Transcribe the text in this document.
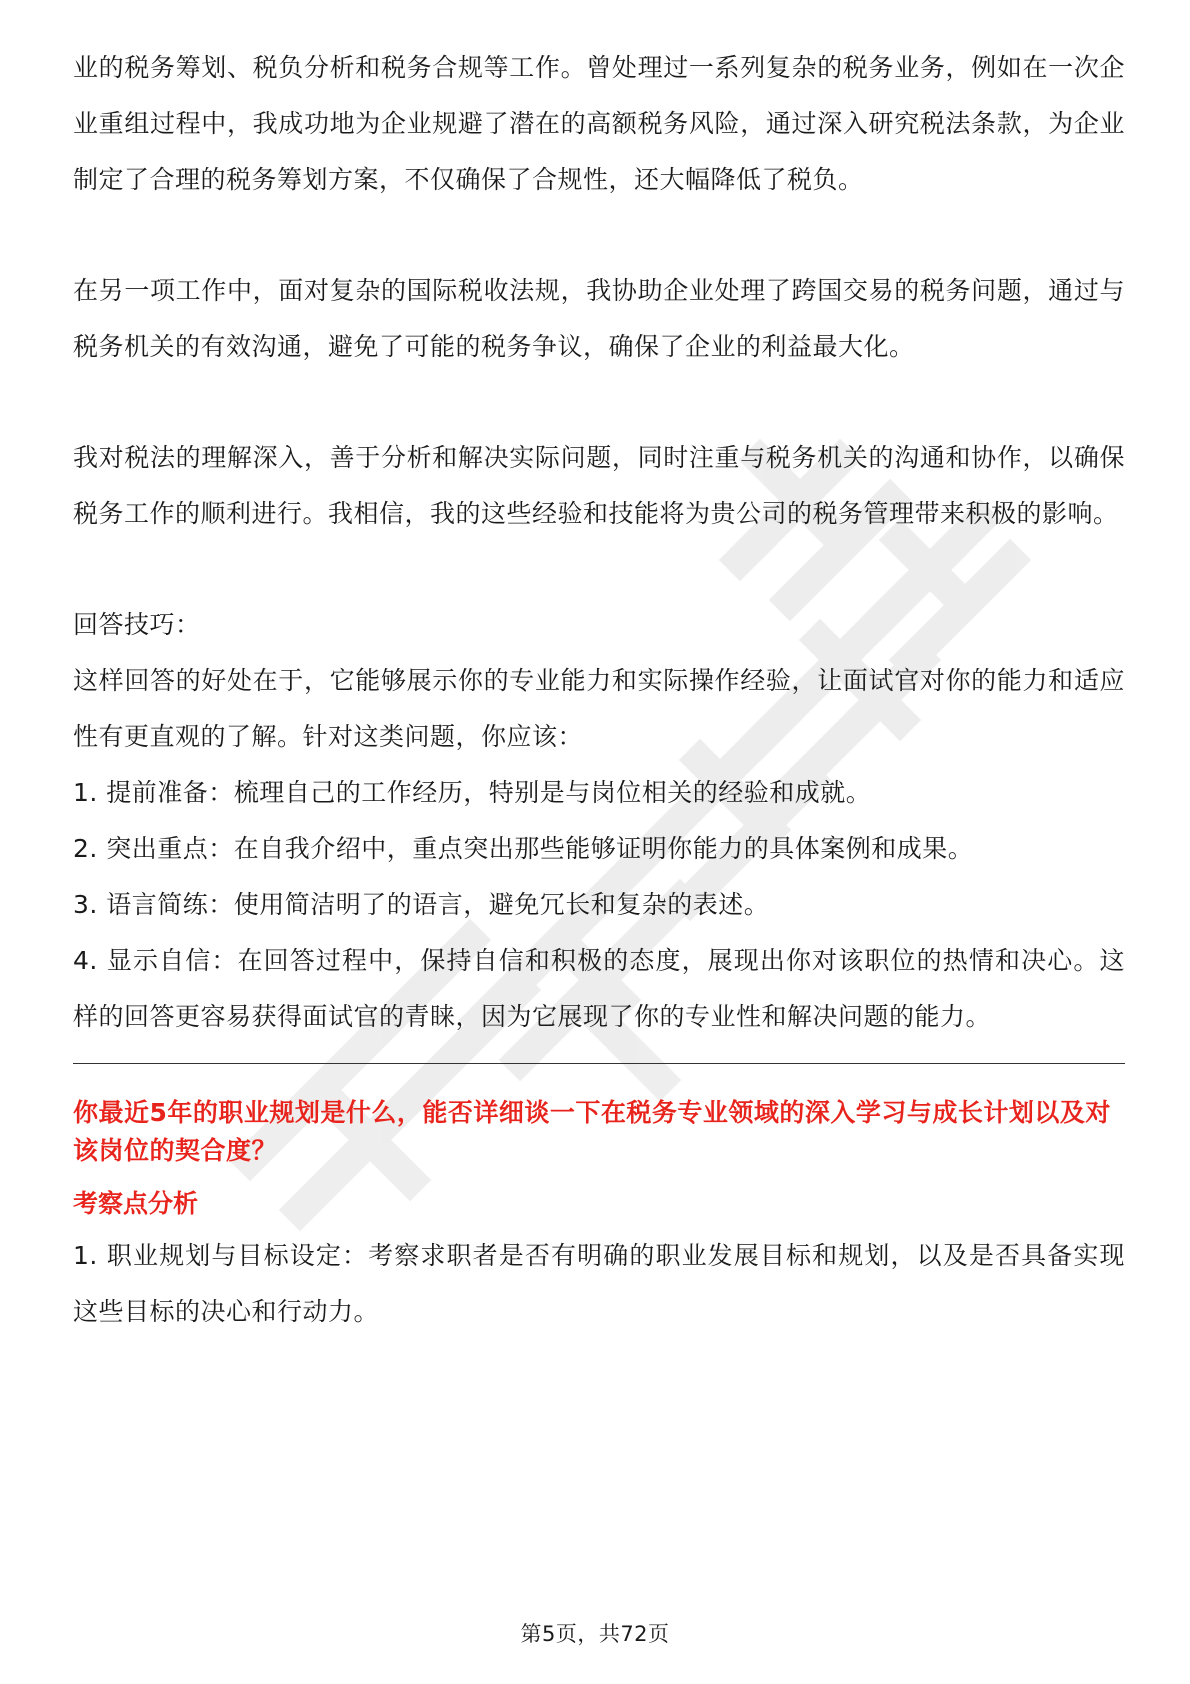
业的税务筹划、税负分析和税务合规等工作。曾处理过一系列复杂的税务业务，例如在一次企业重组过程中，我成功地为企业规避了潜在的高额税务风险，通过深入研究税法条款，为企业制定了合理的税务筹划方案，不仅确保了合规性，还大幅降低了税负。

在另一项工作中，面对复杂的国际税收法规，我协助企业处理了跨国交易的税务问题，通过与税务机关的有效沟通，避免了可能的税务争议，确保了企业的利益最大化。

我对税法的理解深入，善于分析和解决实际问题，同时注重与税务机关的沟通和协作，以确保税务工作的顺利进行。我相信，我的这些经验和技能将为贵公司的税务管理带来积极的影响。

回答技巧：

这样回答的好处在于，它能够展示你的专业能力和实际操作经验，让面试官对你的能力和适应性有更直观的了解。针对这类问题，你应该：

1. 提前准备：梳理自己的工作经历，特别是与岗位相关的经验和成就。

2. 突出重点：在自我介绍中，重点突出那些能够证明你能力的具体案例和成果。

3. 语言简练：使用简洁明了的语言，避免冗长和复杂的表述。

4. 显示自信：在回答过程中，保持自信和积极的态度，展现出你对该职位的热情和决心。这样的回答更容易获得面试官的青睐，因为它展现了你的专业性和解决问题的能力。

你最近5年的职业规划是什么，能否详细谈一下在税务专业领域的深入学习与成长计划以及对该岗位的契合度？

考察点分析

1. 职业规划与目标设定：考察求职者是否有明确的职业发展目标和规划，以及是否具备实现这些目标的决心和行动力。

第5页，共72页
